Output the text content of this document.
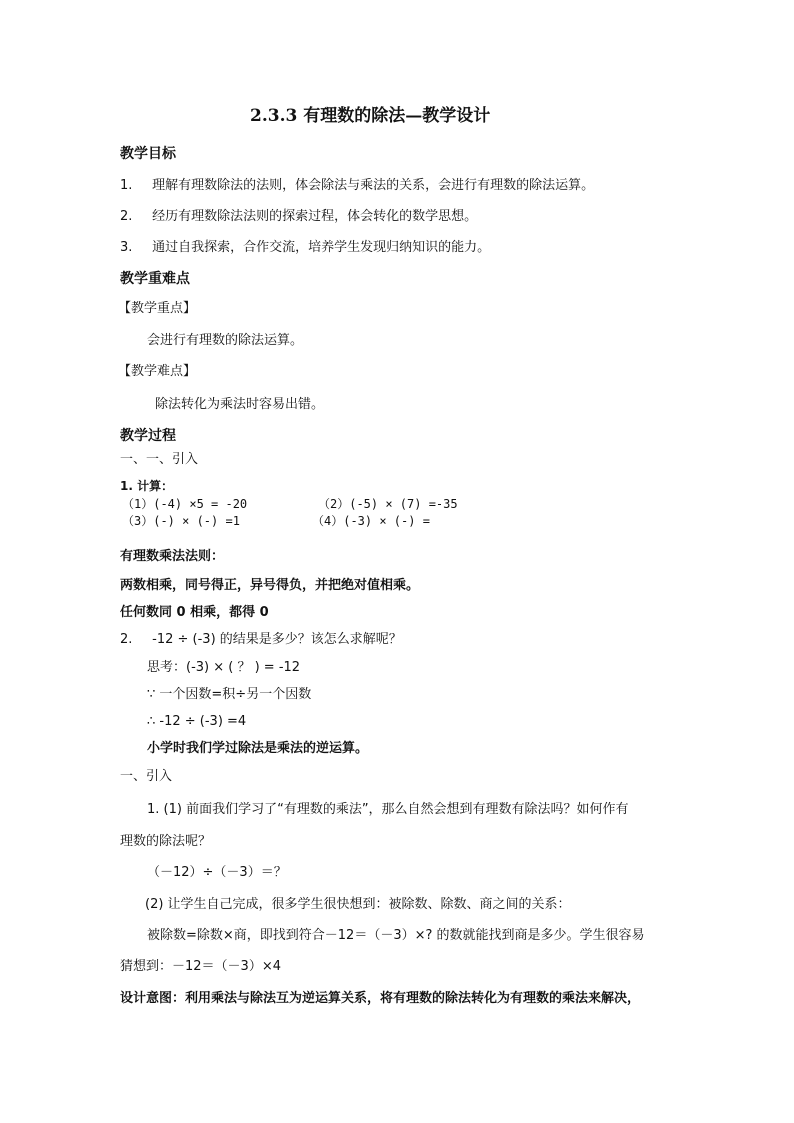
2.3.3 有理数的除法—教学设计
教学目标
1. 理解有理数除法的法则，体会除法与乘法的关系，会进行有理数的除法运算。
2. 经历有理数除法法则的探索过程，体会转化的数学思想。
3. 通过自我探索，合作交流，培养学生发现归纳知识的能力。
教学重难点
【教学重点】
会进行有理数的除法运算。
【教学难点】
除法转化为乘法时容易出错。
教学过程
一、一、引入
1. 计算：
（1）(-4) ×5 = -20	（2）(-5) × (7) =-35
（3）(-) × (-) =1	（4）(-3) × (-) =
有理数乘法法则：
两数相乘，同号得正，异号得负，并把绝对值相乘。
任何数同 0 相乘，都得 0
2. -12 ÷ (-3) 的结果是多少？该怎么求解呢？
思考：(-3) × ( ？ ) = -12
∵ 一个因数=积÷另一个因数
∴ -12 ÷ (-3) =4
小学时我们学过除法是乘法的逆运算。
一、引入
1. (1) 前面我们学习了“有理数的乘法”，那么自然会想到有理数有除法吗？如何作有
理数的除法呢？
（－12）÷（－3）＝？
(2) 让学生自己完成，很多学生很快想到：被除数、除数、商之间的关系：
被除数=除数×商，即找到符合－12＝（－3）×? 的数就能找到商是多少。学生很容易
猜想到：－12＝（－3）×4
设计意图：利用乘法与除法互为逆运算关系，将有理数的除法转化为有理数的乘法来解决，
